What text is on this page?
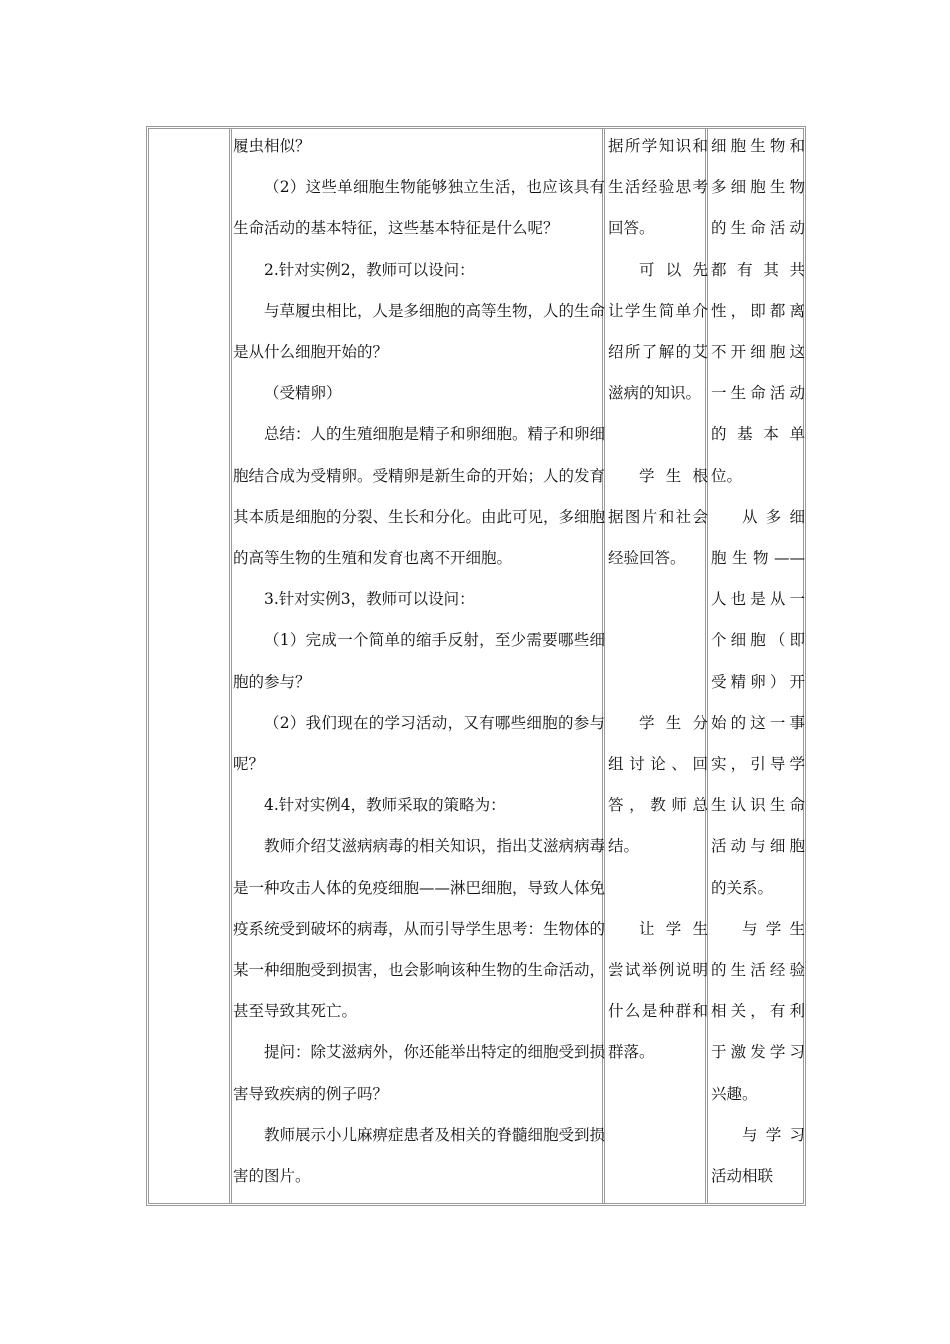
履虫相似？

（2）这些单细胞生物能够独立生活，也应该具有生命活动的基本特征，这些基本特征是什么呢？

2.针对实例2，教师可以设问：

与草履虫相比，人是多细胞的高等生物，人的生命是从什么细胞开始的？

（受精卵）

总结：人的生殖细胞是精子和卵细胞。精子和卵细胞结合成为受精卵。受精卵是新生命的开始；人的发育其本质是细胞的分裂、生长和分化。由此可见，多细胞的高等生物的生殖和发育也离不开细胞。

3.针对实例3，教师可以设问：

（1）完成一个简单的缩手反射，至少需要哪些细胞的参与？

（2）我们现在的学习活动，又有哪些细胞的参与呢？

4.针对实例4，教师采取的策略为：

教师介绍艾滋病病毒的相关知识，指出艾滋病病毒是一种攻击人体的免疫细胞——淋巴细胞，导致人体免疫系统受到破坏的病毒，从而引导学生思考：生物体的某一种细胞受到损害，也会影响该种生物的生命活动，甚至导致其死亡。

提问：除艾滋病外，你还能举出特定的细胞受到损害导致疾病的例子吗？

教师展示小儿麻痹症患者及相关的脊髓细胞受到损害的图片。

据所学知识和

生活经验思考

回答。

可以先

让学生简单介

绍所了解的艾

滋病的知识。

学生根

据图片和社会

经验回答。

学生分

组讨论、回

答，教师总

结。

让学生

尝试举例说明

什么是种群和

群落。

细胞生物和

多细胞生物

的生命活动

都有其共

性，即都离

不开细胞这

一生命活动

的基本单

位。

从多细

胞生物——

人也是从一

个细胞（即

受精卵）开

始的这一事

实，引导学

生认识生命

活动与细胞

的关系。

与学生

的生活经验

相关，有利

于激发学习

兴趣。

与学习

活动相联
